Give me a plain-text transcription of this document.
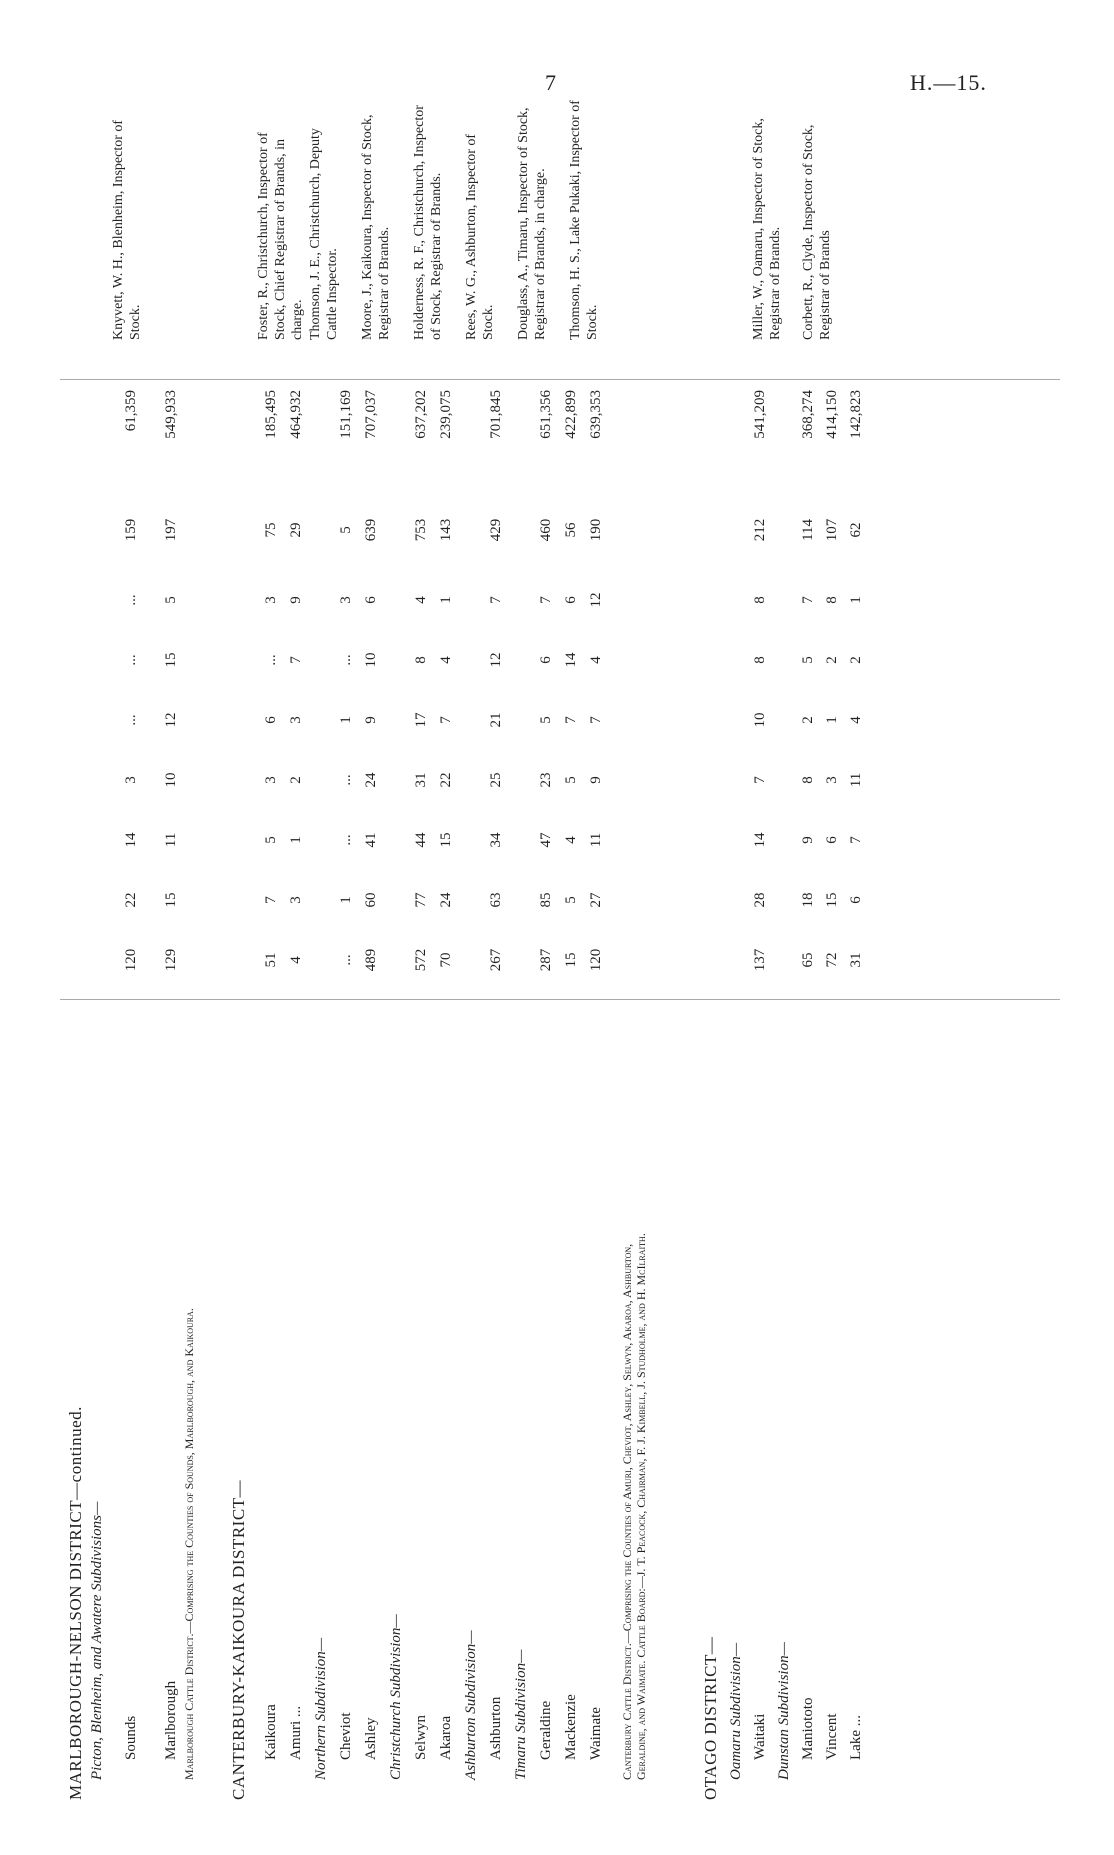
7	H.—15.
MARLBOROUGH-NELSON DISTRICT—continued. Picton, Blenheim, and Awatere Subdivisions— Sounds
120
22
14
3
...
...
...
159
61,359
Marlborough
129
15
11
10
12
15
5
197
549,933
Marlborough Cattle District.—Comprising the Counties of Sounds, Marlborough, and Kaikoura.
Knyvett, W. H., Blenheim, Inspector of Stock.
CANTERBURY-KAIKOURA DISTRICT— Kaikoura
51
7
5
3
6
...
3
75
185,495
Amuri ...
4
3
1
2
3
7
9
29
464,932
Northern Subdivision— Cheviot
...
1
...
...
1
...
3
5
151,169
Ashley
489
60
41
24
9
10
6
639
707,037
Christchurch Subdivision— Selwyn
572
77
44
31
17
8
4
753
637,202
Akaroa
70
24
15
22
7
4
1
143
239,075
Ashburton Subdivision— Ashburton
267
63
34
25
21
12
7
429
701,845
Timaru Subdivision— Geraldine
287
85
47
23
5
6
7
460
651,356
Mackenzie
15
5
4
5
7
14
6
56
422,899
Waimate
120
27
11
9
7
4
12
190
639,353
Canterbury Cattle District.—Comprising the Counties of Amuri, Cheviot, Ashley, Selwyn, Akaroa, Ashburton, Geraldine, and Waimate. Cattle Board:—J. T. Peacock, Chairman, F. J. Kimbell, J. Studholme, and H. McIlraith.
Foster, R., Christchurch, Inspector of Stock, Chief Registrar of Brands, in charge. Thomson, J. E., Christchurch, Deputy Cattle Inspector. Moore, J., Kaikoura, Inspector of Stock, Registrar of Brands. Holderness, R. F., Christchurch, Inspector of Stock, Registrar of Brands. Rees, W. G., Ashburton, Inspector of Stock. Douglass, A., Timaru, Inspector of Stock, Registrar of Brands, in charge. Thomson, H. S., Lake Pukaki, Inspector of Stock.
OTAGO DISTRICT— Oamaru Subdivision— Waitaki
137
28
14
7
10
8
8
212
541,209
Dunstan Subdivision— Maniototo
65
18
9
8
2
5
7
114
368,274
Vincent
72
15
6
3
1
2
8
107
414,150
Lake ...
31
6
7
11
4
2
1
62
142,823
Miller, W., Oamaru, Inspector of Stock, Registrar of Brands. Corbett, R., Clyde, Inspector of Stock, Registrar of Brands
